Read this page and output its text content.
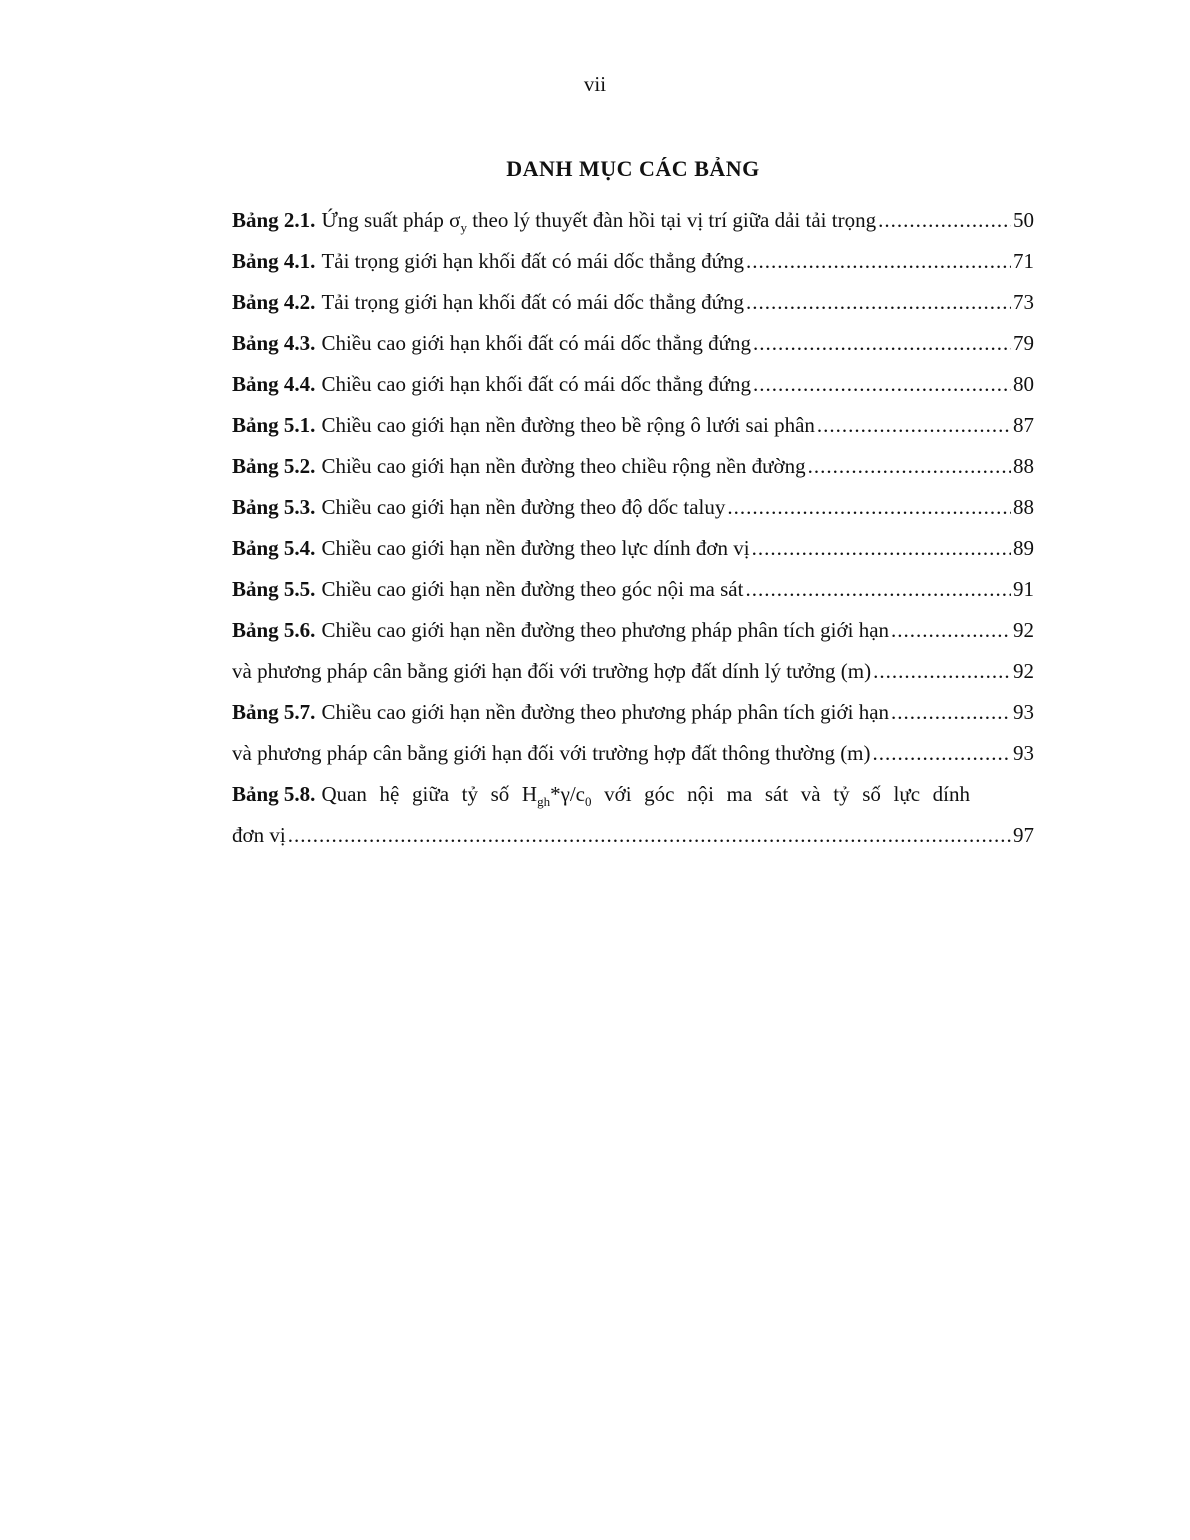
vii
DANH MỤC CÁC BẢNG
Bảng 2.1. Ứng suất pháp $\sigma_y$ theo lý thuyết đàn hồi tại vị trí giữa dải tải trọng .....	50
Bảng 4.1. Tải trọng giới hạn khối đất có mái dốc thẳng đứng .....	71
Bảng 4.2. Tải trọng giới hạn khối đất có mái dốc thẳng đứng .....	73
Bảng 4.3. Chiều cao giới hạn khối đất có mái dốc thẳng đứng .....	79
Bảng 4.4. Chiều cao giới hạn khối đất có mái dốc thẳng đứng .....	80
Bảng 5.1. Chiều cao giới hạn nền đường theo bề rộng ô lưới sai phân .....	87
Bảng 5.2. Chiều cao giới hạn nền đường theo chiều rộng nền đường .....	88
Bảng 5.3. Chiều cao giới hạn nền đường theo độ dốc taluy .....	88
Bảng 5.4. Chiều cao giới hạn nền đường theo lực dính đơn vị .....	89
Bảng 5.5. Chiều cao giới hạn nền đường theo góc nội ma sát .....	91
Bảng 5.6. Chiều cao giới hạn nền đường theo phương pháp phân tích giới hạn .....	92
và phương pháp cân bằng giới hạn đối với trường hợp đất dính lý tưởng (m) .....	92
Bảng 5.7. Chiều cao giới hạn nền đường theo phương pháp phân tích giới hạn .....	93
và phương pháp cân bằng giới hạn đối với trường hợp đất thông thường (m) .....	93
Bảng 5.8. Quan hệ giữa tỷ số $H_{gh}*\gamma/c_0$ với góc nội ma sát và tỷ số lực dính
đơn vị .....	97
